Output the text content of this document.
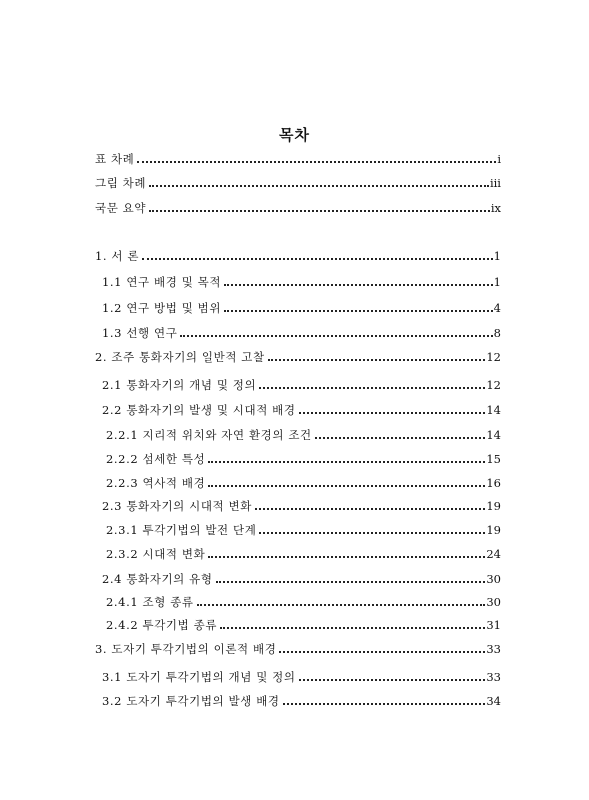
목차
표 차례	i
그림 차례	iii
국문 요약	ix
1. 서 론	1
1.1 연구 배경 및 목적	1
1.2 연구 방법 및 범위	4
1.3 선행 연구	8
2. 조주 통화자기의 일반적 고찰	12
2.1 통화자기의 개념 및 정의	12
2.2 통화자기의 발생 및 시대적 배경	14
2.2.1 지리적 위치와 자연 환경의 조건	14
2.2.2 섬세한 특성	15
2.2.3 역사적 배경	16
2.3 통화자기의 시대적 변화	19
2.3.1 투각기법의 발전 단계	19
2.3.2 시대적 변화	24
2.4 통화자기의 유형	30
2.4.1 조형 종류	30
2.4.2 투각기법 종류	31
3. 도자기 투각기법의 이론적 배경	33
3.1 도자기 투각기법의 개념 및 정의	33
3.2 도자기 투각기법의 발생 배경	34
